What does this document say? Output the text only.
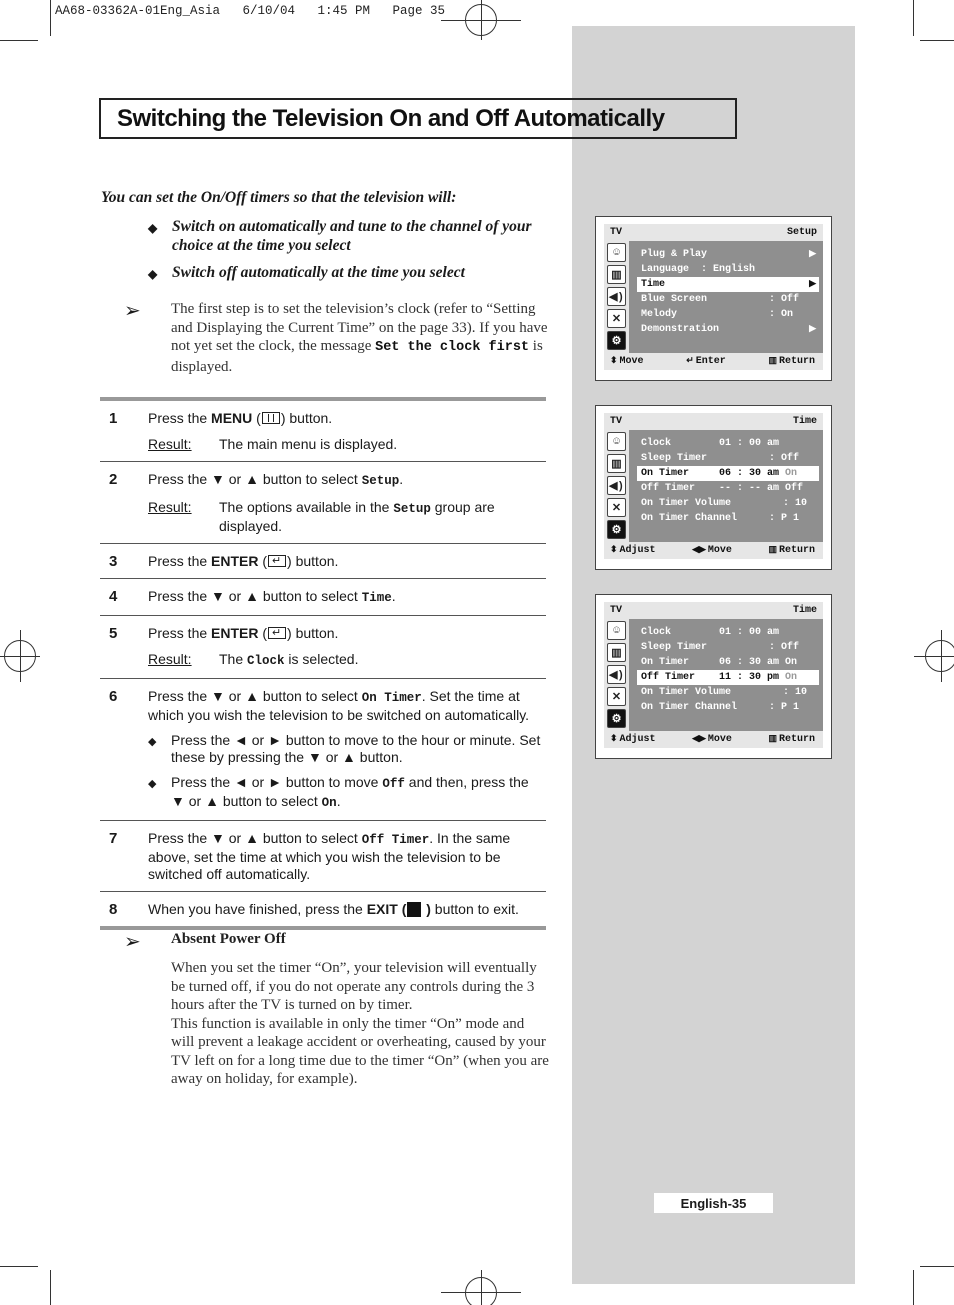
AA68-03362A-01Eng_Asia   6/10/04   1:45 PM   Page 35
Switching the Television On and Off Automatically
You can set the On/Off timers so that the television will:
◆ Switch on automatically and tune to the channel of your choice at the time you select
◆ Switch off automatically at the time you select
➢ The first step is to set the television’s clock (refer to “Setting and Displaying the Current Time” on the page 33). If you have not yet set the clock, the message Set the clock first is displayed.
1	Press the MENU ( ) button.
Result:	The main menu is displayed.
2	Press the ▼ or ▲ button to select Setup.
Result:	The options available in the Setup group are displayed.
3	Press the ENTER ( ↵ ) button.
4	Press the ▼ or ▲ button to select Time.
5	Press the ENTER ( ↵ ) button.
Result:	The Clock is selected.
6	Press the ▼ or ▲ button to select On Timer. Set the time at which you wish the television to be switched on automatically.
◆	Press the ◄ or ► button to move to the hour or minute. Set these by pressing the ▼ or ▲ button.
◆	Press the ◄ or ► button to move Off and then, press the ▼ or ▲ button to select On.
7	Press the ▼ or ▲ button to select Off Timer. In the same above, set the time at which you wish the television to be switched off automatically.
8	When you have finished, press the EXIT ( ) button to exit.
➢ Absent Power Off

When you set the timer “On”, your television will eventually be turned off, if you do not operate any controls during the 3 hours after the TV is turned on by timer.

This function is available in only the timer “On” mode and will prevent a leakage accident or overheating, caused by your TV left on for a long time due to the timer “On” (when you are away on holiday, for example).

TV	Setup
☺
▥
◀)
✕
⚙
Plug & Play	▶
Language  : English
Time	▶
Blue Screen	: Off
Melody	: On
Demonstration	▶
⬍ Move	↵ Enter	▥ Return
TV	Time
☺
▥
◀)
✕
⚙
Clock        01 : 00 am
Sleep Timer	: Off
On Timer     06 : 30 am On
Off Timer    -- : -- am Off
On Timer Volume	: 10
On Timer Channel	: P 1
⬍ Adjust	◀▶ Move	▥ Return
TV	Time
☺
▥
◀)
✕
⚙
Clock        01 : 00 am
Sleep Timer	: Off
On Timer     06 : 30 am On
Off Timer    11 : 30 pm On
On Timer Volume	: 10
On Timer Channel	: P 1
⬍ Adjust	◀▶ Move	▥ Return
English-35
